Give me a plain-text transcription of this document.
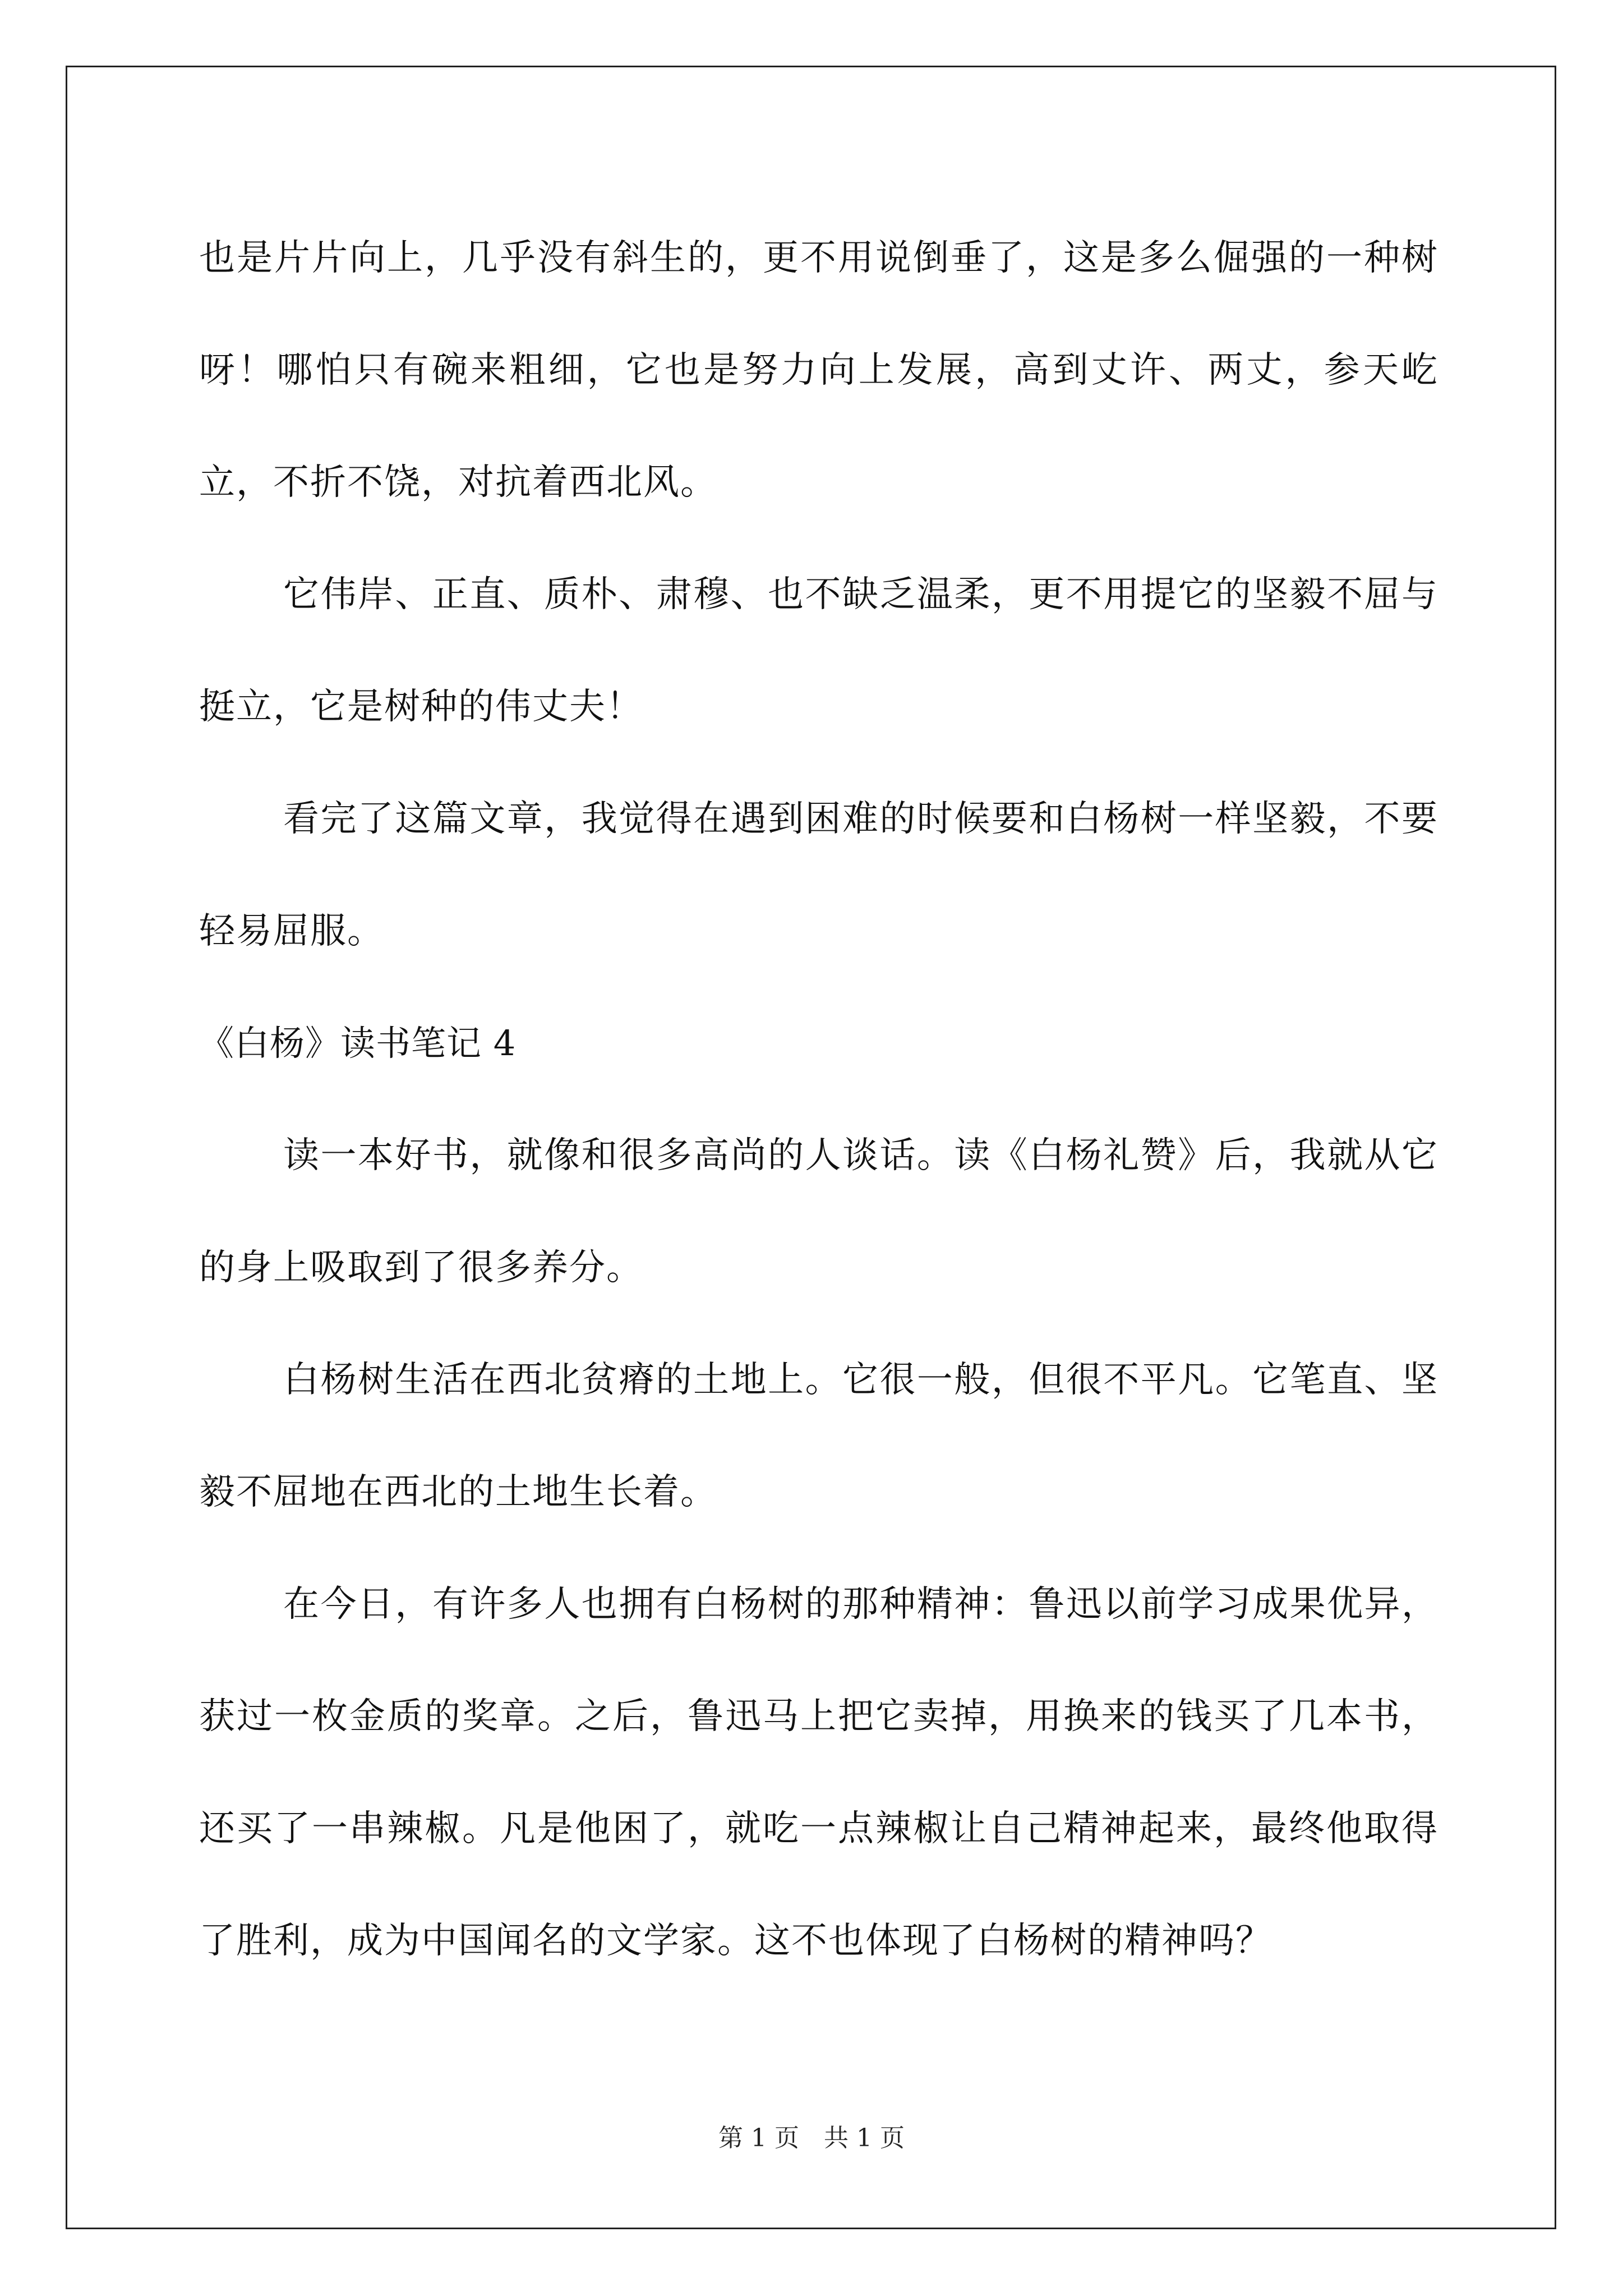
也是片片向上，几乎没有斜生的，更不用说倒垂了，这是多么倔强的一种树呀！哪怕只有碗来粗细，它也是努力向上发展，高到丈许、两丈，参天屹立，不折不饶，对抗着西北风。

它伟岸、正直、质朴、肃穆、也不缺乏温柔，更不用提它的坚毅不屈与挺立，它是树种的伟丈夫！

看完了这篇文章，我觉得在遇到困难的时候要和白杨树一样坚毅，不要轻易屈服。

《白杨》读书笔记 4

读一本好书，就像和很多高尚的人谈话。读《白杨礼赞》后，我就从它的身上吸取到了很多养分。

白杨树生活在西北贫瘠的土地上。它很一般，但很不平凡。它笔直、坚毅不屈地在西北的土地生长着。

在今日，有许多人也拥有白杨树的那种精神：鲁迅以前学习成果优异，获过一枚金质的奖章。之后，鲁迅马上把它卖掉，用换来的钱买了几本书，还买了一串辣椒。凡是他困了，就吃一点辣椒让自己精神起来，最终他取得了胜利，成为中国闻名的文学家。这不也体现了白杨树的精神吗？

第 1 页　共 1 页
